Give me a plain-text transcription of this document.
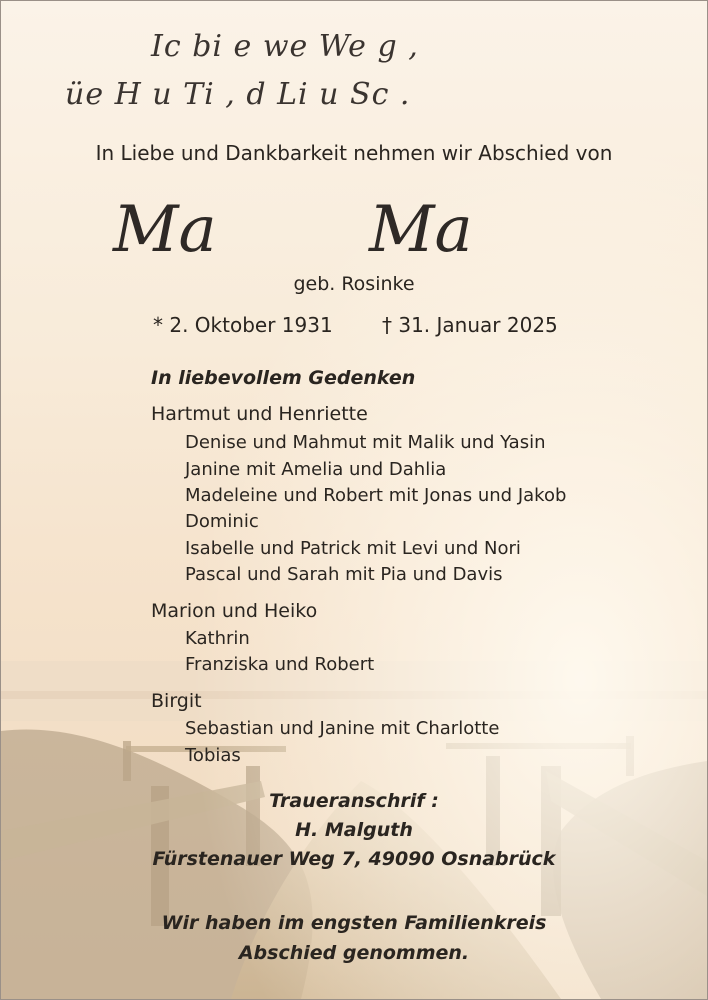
Ic bi e we We g ,
üe H u Ti , d Li u Sc .
In Liebe und Dankbarkeit nehmen wir Abschied von
Ma Ma
geb. Rosinke
* 2. Oktober 1931 † 31. Januar 2025
In liebevollem Gedenken
Hartmut und Henriette
Denise und Mahmut mit Malik und Yasin
Janine mit Amelia und Dahlia
Madeleine und Robert mit Jonas und Jakob
Dominic
Isabelle und Patrick mit Levi und Nori
Pascal und Sarah mit Pia und Davis
Marion und Heiko
Kathrin
Franziska und Robert
Birgit
Sebastian und Janine mit Charlotte
Tobias
Traueranschrif :
H. Malguth
Fürstenauer Weg 7, 49090 Osnabrück
Wir haben im engsten Familienkreis
Abschied genommen.
